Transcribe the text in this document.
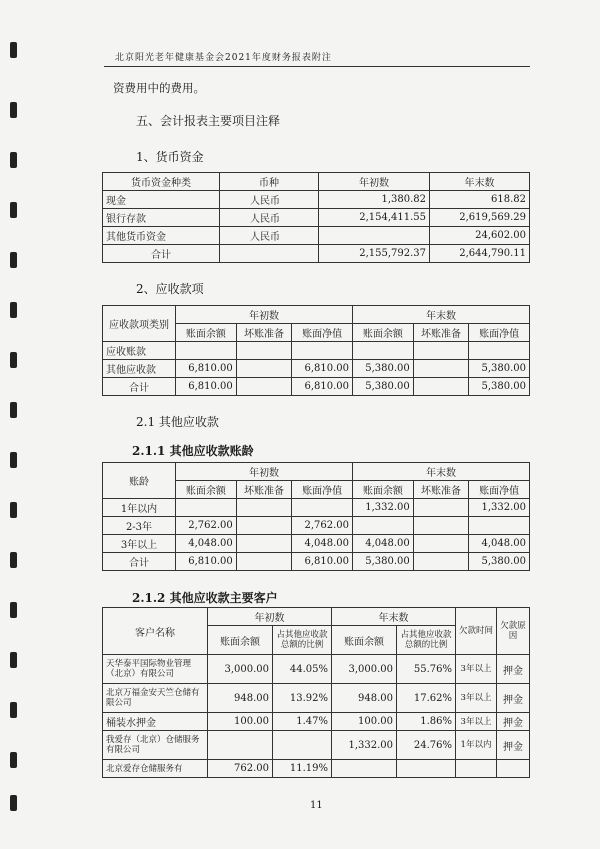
北京阳光老年健康基金会2021年度财务报表附注
资费用中的费用。
五、会计报表主要项目注释
1、货币资金
货币资金种类	币种	年初数	年末数
现金	人民币	1,380.82	618.82
银行存款	人民币	2,154,411.55	2,619,569.29
其他货币资金	人民币		24,602.00
合计		2,155,792.37	2,644,790.11
2、应收款项
应收款项类别	年初数			年末数		
	账面余额	坏账准备	账面净值	账面余额	坏账准备	账面净值
应收账款						
其他应收款	6,810.00		6,810.00	5,380.00		5,380.00
合计	6,810.00		6,810.00	5,380.00		5,380.00
2.1 其他应收款
2.1.1 其他应收款账龄
账龄	年初数			年末数		
	账面余额	坏账准备	账面净值	账面余额	坏账准备	账面净值
1年以内				1,332.00		1,332.00
2-3年	2,762.00		2,762.00			
3年以上	4,048.00		4,048.00	4,048.00		4,048.00
合计	6,810.00		6,810.00	5,380.00		5,380.00
2.1.2 其他应收款主要客户
客户名称	年初数		年末数		欠款时间	欠款原因
	账面余额	占其他应收款总额的比例	账面余额	占其他应收款总额的比例		
天华泰平国际物业管理（北京）有限公司	3,000.00	44.05%	3,000.00	55.76%	3年以上	押金
北京万福金安天竺仓储有限公司	948.00	13.92%	948.00	17.62%	3年以上	押金
桶装水押金	100.00	1.47%	100.00	1.86%	3年以上	押金
我爱存（北京）仓储服务有限公司			1,332.00	24.76%	1年以内	押金
北京爱存仓储服务有	762.00	11.19%				
11
